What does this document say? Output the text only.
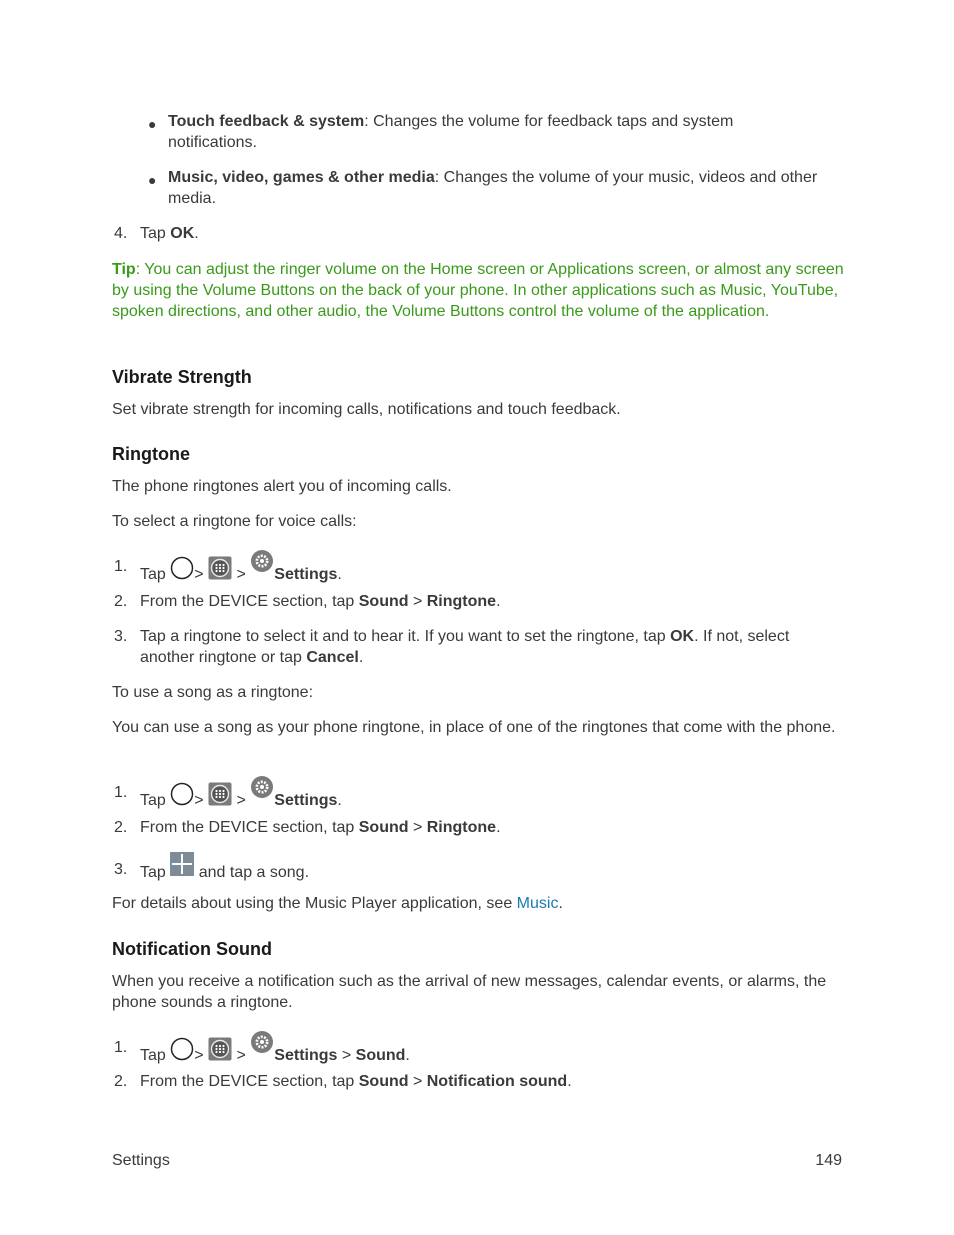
● Touch feedback & system: Changes the volume for feedback taps and system notifications.
● Music, video, games & other media: Changes the volume of your music, videos and other media.
4. Tap OK.
Tip: You can adjust the ringer volume on the Home screen or Applications screen, or almost any screen by using the Volume Buttons on the back of your phone. In other applications such as Music, YouTube, spoken directions, and other audio, the Volume Buttons control the volume of the application.
Vibrate Strength
Set vibrate strength for incoming calls, notifications and touch feedback.
Ringtone
The phone ringtones alert you of incoming calls.
To select a ringtone for voice calls:
1. Tap > > Settings.
2. From the DEVICE section, tap Sound > Ringtone.
3. Tap a ringtone to select it and to hear it. If you want to set the ringtone, tap OK. If not, select another ringtone or tap Cancel.
To use a song as a ringtone:
You can use a song as your phone ringtone, in place of one of the ringtones that come with the phone.
1. Tap > > Settings.
2. From the DEVICE section, tap Sound > Ringtone.
3. Tap and tap a song.
For details about using the Music Player application, see Music.
Notification Sound
When you receive a notification such as the arrival of new messages, calendar events, or alarms, the phone sounds a ringtone.
1. Tap > > Settings > Sound.
2. From the DEVICE section, tap Sound > Notification sound.
Settings	149
